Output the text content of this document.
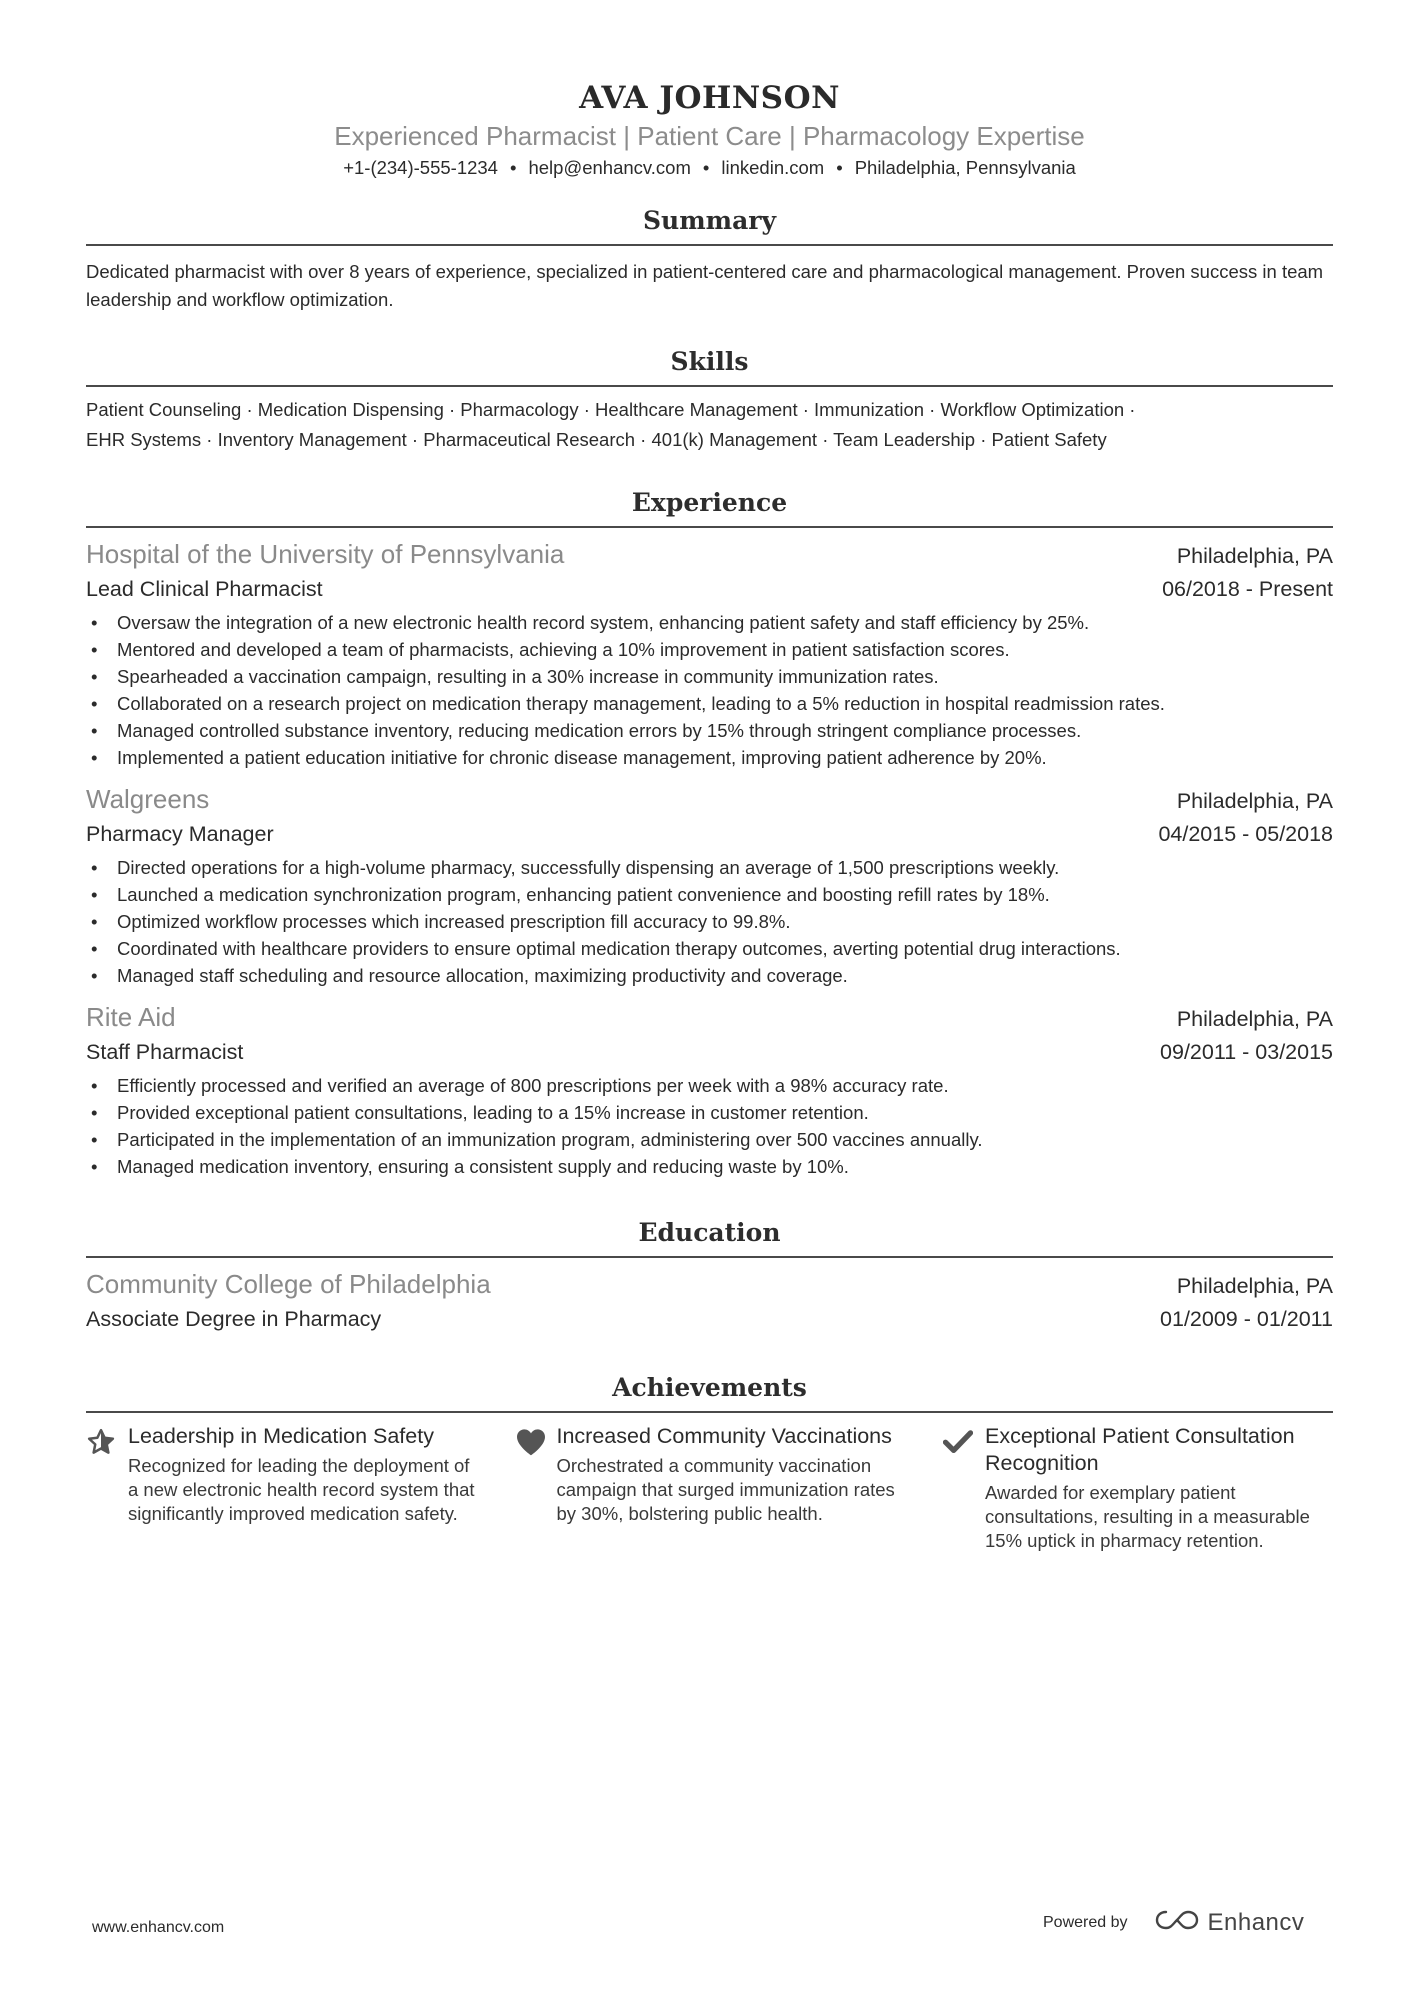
AVA JOHNSON
Experienced Pharmacist | Patient Care | Pharmacology Expertise
+1-(234)-555-1234 • help@enhancv.com • linkedin.com • Philadelphia, Pennsylvania
Summary
Dedicated pharmacist with over 8 years of experience, specialized in patient-centered care and pharmacological management. Proven success in team leadership and workflow optimization.
Skills
Patient Counseling · Medication Dispensing · Pharmacology · Healthcare Management · Immunization · Workflow Optimization ·
EHR Systems · Inventory Management · Pharmaceutical Research · 401(k) Management · Team Leadership · Patient Safety
Experience
Hospital of the University of Pennsylvania	Philadelphia, PA
Lead Clinical Pharmacist	06/2018 - Present
• Oversaw the integration of a new electronic health record system, enhancing patient safety and staff efficiency by 25%.
• Mentored and developed a team of pharmacists, achieving a 10% improvement in patient satisfaction scores.
• Spearheaded a vaccination campaign, resulting in a 30% increase in community immunization rates.
• Collaborated on a research project on medication therapy management, leading to a 5% reduction in hospital readmission rates.
• Managed controlled substance inventory, reducing medication errors by 15% through stringent compliance processes.
• Implemented a patient education initiative for chronic disease management, improving patient adherence by 20%.
Walgreens	Philadelphia, PA
Pharmacy Manager	04/2015 - 05/2018
• Directed operations for a high-volume pharmacy, successfully dispensing an average of 1,500 prescriptions weekly.
• Launched a medication synchronization program, enhancing patient convenience and boosting refill rates by 18%.
• Optimized workflow processes which increased prescription fill accuracy to 99.8%.
• Coordinated with healthcare providers to ensure optimal medication therapy outcomes, averting potential drug interactions.
• Managed staff scheduling and resource allocation, maximizing productivity and coverage.
Rite Aid	Philadelphia, PA
Staff Pharmacist	09/2011 - 03/2015
• Efficiently processed and verified an average of 800 prescriptions per week with a 98% accuracy rate.
• Provided exceptional patient consultations, leading to a 15% increase in customer retention.
• Participated in the implementation of an immunization program, administering over 500 vaccines annually.
• Managed medication inventory, ensuring a consistent supply and reducing waste by 10%.
Education
Community College of Philadelphia	Philadelphia, PA
Associate Degree in Pharmacy	01/2009 - 01/2011
Achievements
Leadership in Medication Safety
Recognized for leading the deployment of a new electronic health record system that significantly improved medication safety.
Increased Community Vaccinations
Orchestrated a community vaccination campaign that surged immunization rates by 30%, bolstering public health.
Exceptional Patient Consultation Recognition
Awarded for exemplary patient consultations, resulting in a measurable 15% uptick in pharmacy retention.
www.enhancv.com	Powered by	Enhancv
